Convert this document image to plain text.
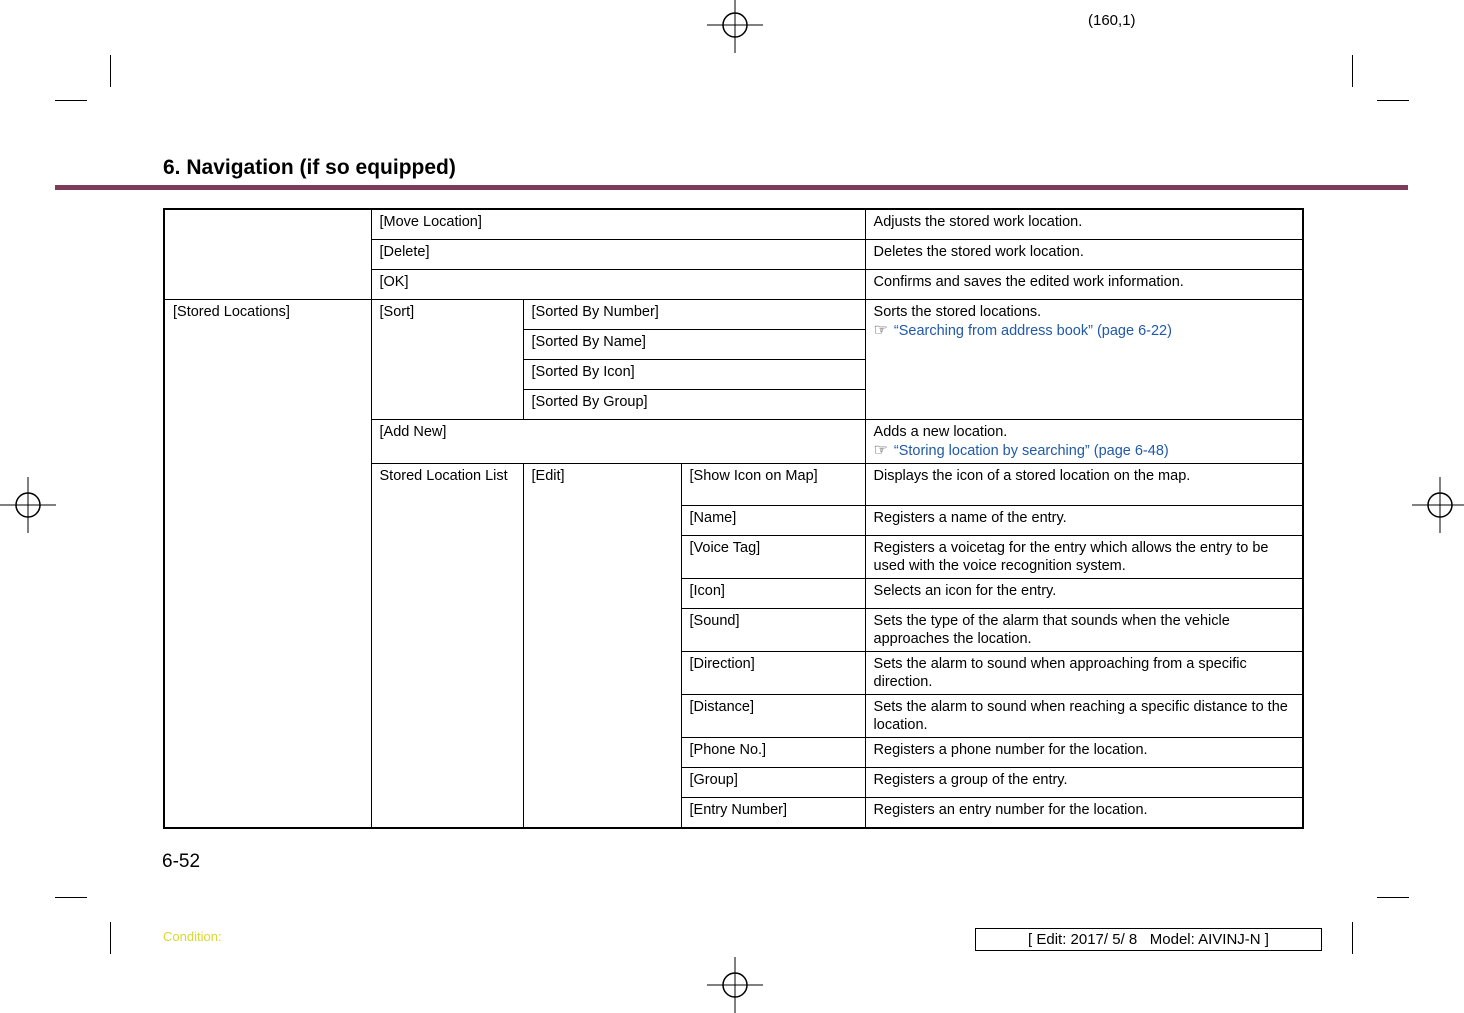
(160,1)
6. Navigation (if so equipped)
	[Move Location]			Adjusts the stored work location.
	[Delete]			Deletes the stored work location.
	[OK]			Confirms and saves the edited work information.
[Stored Locations]	[Sort]	[Sorted By Number]		Sorts the stored locations.
☞ “Searching from address book” (page 6-22)

		[Sorted By Name]		
		[Sorted By Icon]		
		[Sorted By Group]		
	[Add New]			Adds a new location.
☞ “Storing location by searching” (page 6-48)

	Stored Location List	[Edit]	[Show Icon on Map]	Displays the icon of a stored location on the map.
			[Name]	Registers a name of the entry.
			[Voice Tag]	Registers a voicetag for the entry which allows the entry to be used with the voice recognition system.
			[Icon]	Selects an icon for the entry.
			[Sound]	Sets the type of the alarm that sounds when the vehicle approaches the location.
			[Direction]	Sets the alarm to sound when approaching from a specific direction.
			[Distance]	Sets the alarm to sound when reaching a specific distance to the location.
			[Phone No.]	Registers a phone number for the location.
			[Group]	Registers a group of the entry.
			[Entry Number]	Registers an entry number for the location.
6-52
Condition:	[ Edit: 2017/ 5/ 8   Model: AIVINJ-N ]
